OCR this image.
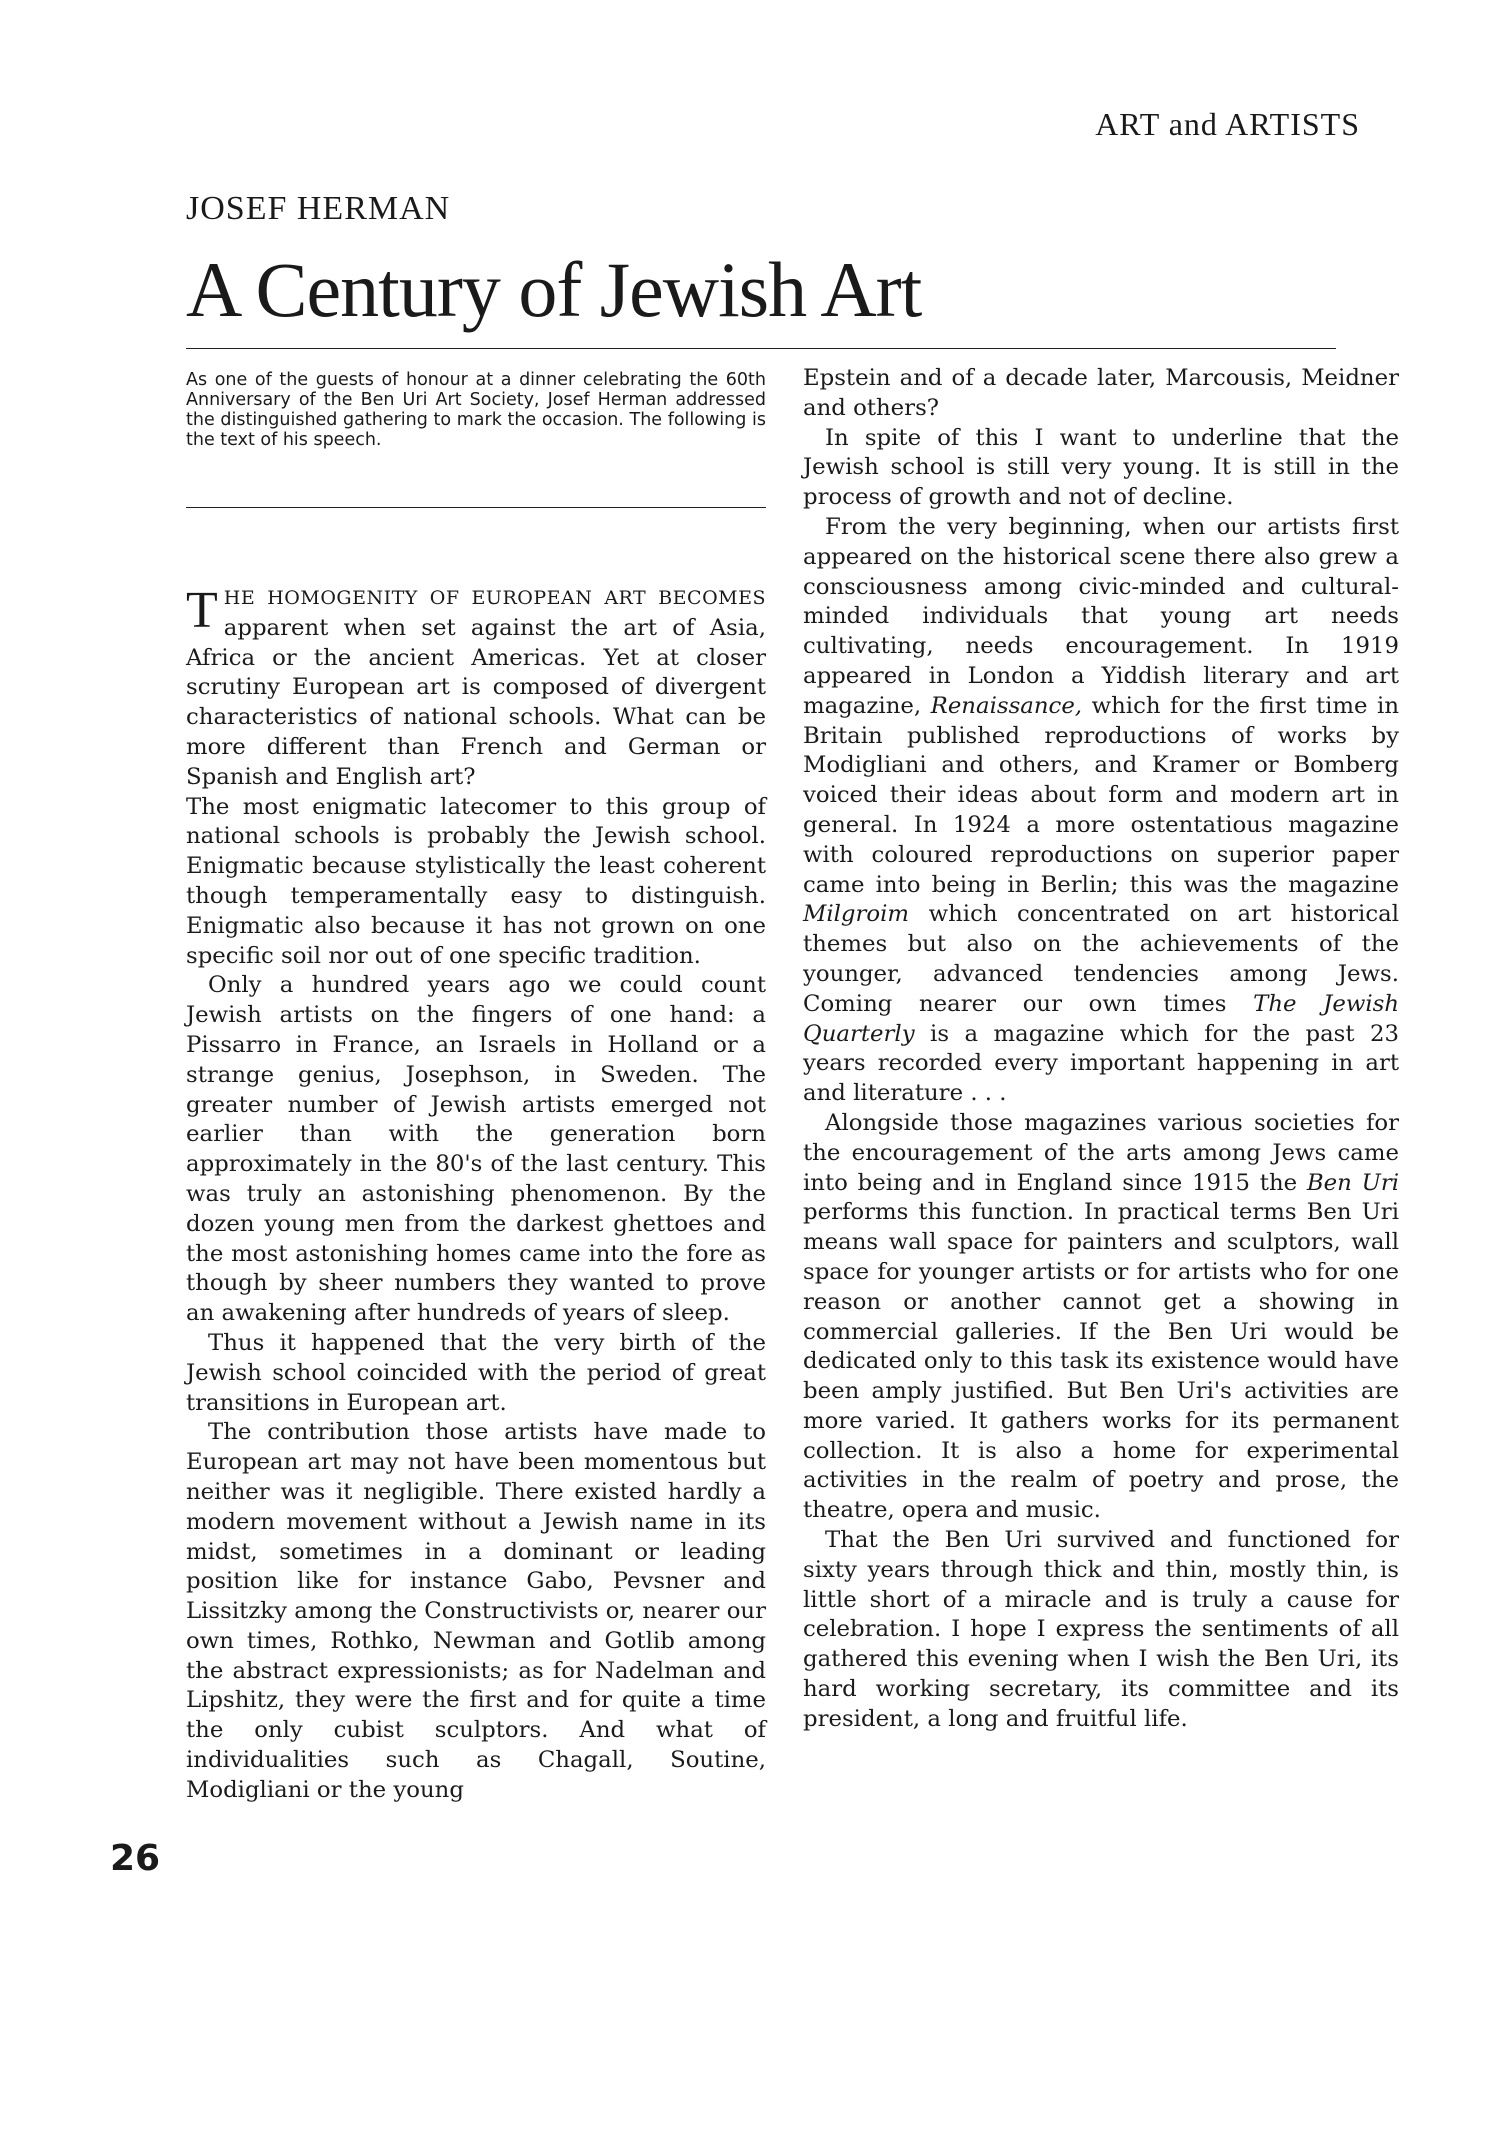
ART and ARTISTS
JOSEF HERMAN
A Century of Jewish Art
As one of the guests of honour at a dinner celebrating the 60th Anniversary of the Ben Uri Art Society, Josef Herman addressed the distinguished gathering to mark the occasion. The following is the text of his speech.

THE HOMOGENITY OF EUROPEAN ART BECOMES apparent when set against the art of Asia, Africa or the ancient Americas. Yet at closer scrutiny European art is composed of divergent characteristics of national schools. What can be more different than French and German or Spanish and English art?

The most enigmatic latecomer to this group of national schools is probably the Jewish school. Enigmatic because stylistically the least coherent though temperamentally easy to distinguish. Enigmatic also because it has not grown on one specific soil nor out of one specific tradition.

Only a hundred years ago we could count Jewish artists on the fingers of one hand: a Pissarro in France, an Israels in Holland or a strange genius, Josephson, in Sweden. The greater number of Jewish artists emerged not earlier than with the generation born approximately in the 80's of the last century. This was truly an astonishing phenomenon. By the dozen young men from the darkest ghettoes and the most astonishing homes came into the fore as though by sheer numbers they wanted to prove an awakening after hundreds of years of sleep.

Thus it happened that the very birth of the Jewish school coincided with the period of great transitions in European art.

The contribution those artists have made to European art may not have been momentous but neither was it negligible. There existed hardly a modern movement without a Jewish name in its midst, sometimes in a dominant or leading position like for instance Gabo, Pevsner and Lissitzky among the Constructivists or, nearer our own times, Rothko, Newman and Gotlib among the abstract expressionists; as for Nadelman and Lipshitz, they were the first and for quite a time the only cubist sculptors. And what of individualities such as Chagall, Soutine, Modigliani or the young

Epstein and of a decade later, Marcousis, Meidner and others?

In spite of this I want to underline that the Jewish school is still very young. It is still in the process of growth and not of decline.

From the very beginning, when our artists first appeared on the historical scene there also grew a consciousness among civic-minded and cultural-minded individuals that young art needs cultivating, needs encouragement. In 1919 appeared in London a Yiddish literary and art magazine, Renaissance, which for the first time in Britain published reproductions of works by Modigliani and others, and Kramer or Bomberg voiced their ideas about form and modern art in general. In 1924 a more ostentatious magazine with coloured reproductions on superior paper came into being in Berlin; this was the magazine Milgroim which concentrated on art historical themes but also on the achievements of the younger, advanced tendencies among Jews. Coming nearer our own times The Jewish Quarterly is a magazine which for the past 23 years recorded every important happening in art and literature . . .

Alongside those magazines various societies for the encouragement of the arts among Jews came into being and in England since 1915 the Ben Uri performs this function. In practical terms Ben Uri means wall space for painters and sculptors, wall space for younger artists or for artists who for one reason or another cannot get a showing in commercial galleries. If the Ben Uri would be dedicated only to this task its existence would have been amply justified. But Ben Uri's activities are more varied. It gathers works for its permanent collection. It is also a home for experimental activities in the realm of poetry and prose, the theatre, opera and music.

That the Ben Uri survived and functioned for sixty years through thick and thin, mostly thin, is little short of a miracle and is truly a cause for celebration. I hope I express the sentiments of all gathered this evening when I wish the Ben Uri, its hard working secretary, its committee and its president, a long and fruitful life.

26
